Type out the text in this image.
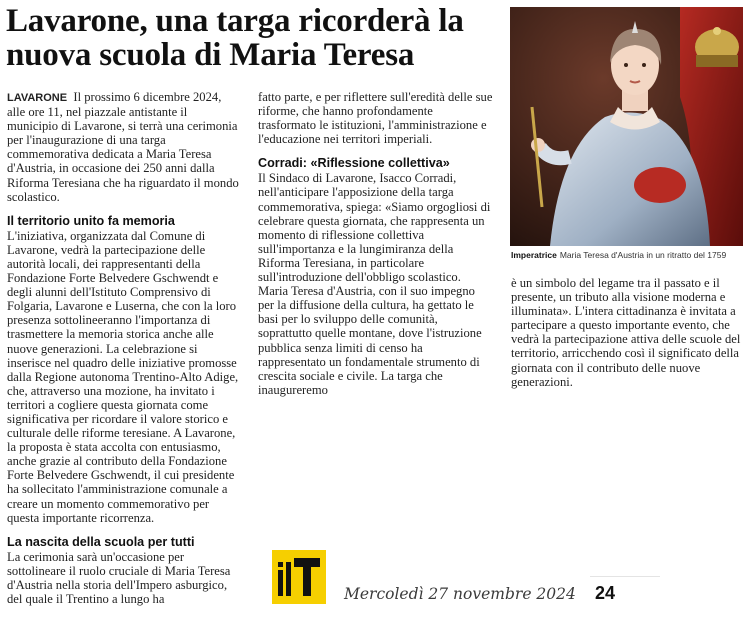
Lavarone, una targa ricorderà la nuova scuola di Maria Teresa

LAVARONE Il prossimo 6 dicembre 2024, alle ore 11, nel piazzale antistante il municipio di Lavarone, si terrà una cerimonia per l'inaugurazione di una targa commemorativa dedicata a Maria Teresa d'Austria, in occasione dei 250 anni dalla Riforma Teresiana che ha riguardato il mondo scolastico.

Il territorio unito fa memoria

L'iniziativa, organizzata dal Comune di Lavarone, vedrà la partecipazione delle autorità locali, dei rappresentanti della Fondazione Forte Belvedere Gschwendt e degli alunni dell'Istituto Comprensivo di Folgaria, Lavarone e Luserna, che con la loro presenza sottolineeranno l'importanza di trasmettere la memoria storica anche alle nuove generazioni. La celebrazione si inserisce nel quadro delle iniziative promosse dalla Regione autonoma Trentino-Alto Adige, che, attraverso una mozione, ha invitato i territori a cogliere questa giornata come significativa per ricordare il valore storico e culturale delle riforme teresiane. A Lavarone, la proposta è stata accolta con entusiasmo, anche grazie al contributo della Fondazione Forte Belvedere Gschwendt, il cui presidente ha sollecitato l'amministrazione comunale a creare un momento commemorativo per questa importante ricorrenza.

La nascita della scuola per tutti

La cerimonia sarà un'occasione per sottolineare il ruolo cruciale di Maria Teresa d'Austria nella storia dell'Impero asburgico, del quale il Trentino a lungo ha

fatto parte, e per riflettere sull'eredità delle sue riforme, che hanno profondamente trasformato le istituzioni, l'amministrazione e l'educazione nei territori imperiali.

Corradi: «Riflessione collettiva»

Il Sindaco di Lavarone, Isacco Corradi, nell'anticipare l'apposizione della targa commemorativa, spiega: «Siamo orgogliosi di celebrare questa giornata, che rappresenta un momento di riflessione collettiva sull'importanza e la lungimiranza della Riforma Teresiana, in particolare sull'introduzione dell'obbligo scolastico. Maria Teresa d'Austria, con il suo impegno per la diffusione della cultura, ha gettato le basi per lo sviluppo delle comunità, soprattutto quelle montane, dove l'istruzione pubblica senza limiti di censo ha rappresentato un fondamentale strumento di crescita sociale e civile. La targa che inaugureremo

Imperatrice Maria Teresa d'Austria in un ritratto del 1759

è un simbolo del legame tra il passato e il presente, un tributo alla visione moderna e illuminata». L'intera cittadinanza è invitata a partecipare a questo importante evento, che vedrà la partecipazione attiva delle scuole del territorio, arricchendo così il significato della giornata con il contributo delle nuove generazioni.

Mercoledì 27 novembre 2024 24
